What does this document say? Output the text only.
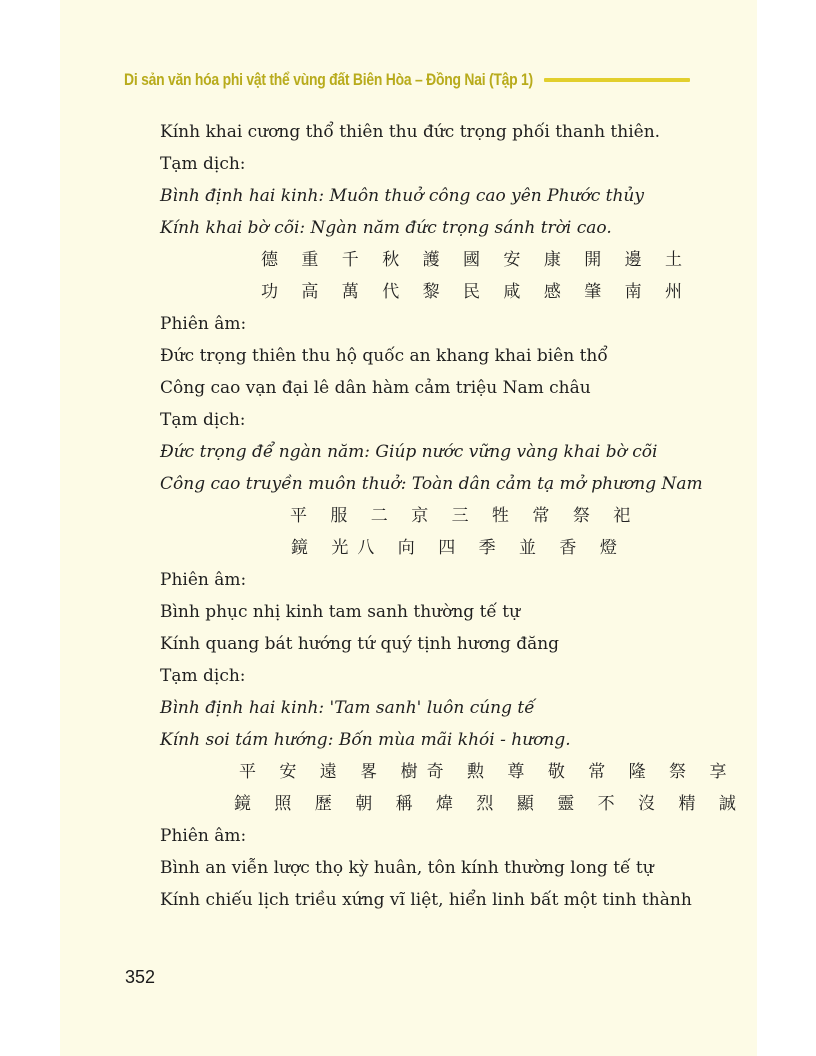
Di sản văn hóa phi vật thể vùng đất Biên Hòa – Đồng Nai (Tập 1)
Kính khai cương thổ thiên thu đức trọng phối thanh thiên.
Tạm dịch:
Bình định hai kinh: Muôn thuở công cao yên Phước thủy
Kính khai bờ cõi: Ngàn năm đức trọng sánh trời cao.
德 重 千 秋 護 國 安 康 開 邊 土
功 高 萬 代 黎 民 咸 感 肇 南 州
Phiên âm:
Đức trọng thiên thu hộ quốc an khang khai biên thổ
Công cao vạn đại lê dân hàm cảm triệu Nam châu
Tạm dịch:
Đức trọng để ngàn năm: Giúp nước vững vàng khai bờ cõi
Công cao truyền muôn thuở: Toàn dân cảm tạ mở phương Nam
平 服 二 京 三 牲 常 祭 祀
鏡 光八 向 四 季 並 香 燈
Phiên âm:
Bình phục nhị kinh tam sanh thường tế tự
Kính quang bát hướng tứ quý tịnh hương đăng
Tạm dịch:
Bình định hai kinh: 'Tam sanh' luôn cúng tế
Kính soi tám hướng: Bốn mùa mãi khói - hương.
平 安 遠 畧 樹奇 勲 尊 敬 常 隆 祭 享
鏡 照 歷 朝 稱 煒 烈 顯 靈 不 沒 精 誠
Phiên âm:
Bình an viễn lược thọ kỳ huân, tôn kính thường long tế tự
Kính chiếu lịch triều xứng vĩ liệt, hiển linh bất một tinh thành
352
